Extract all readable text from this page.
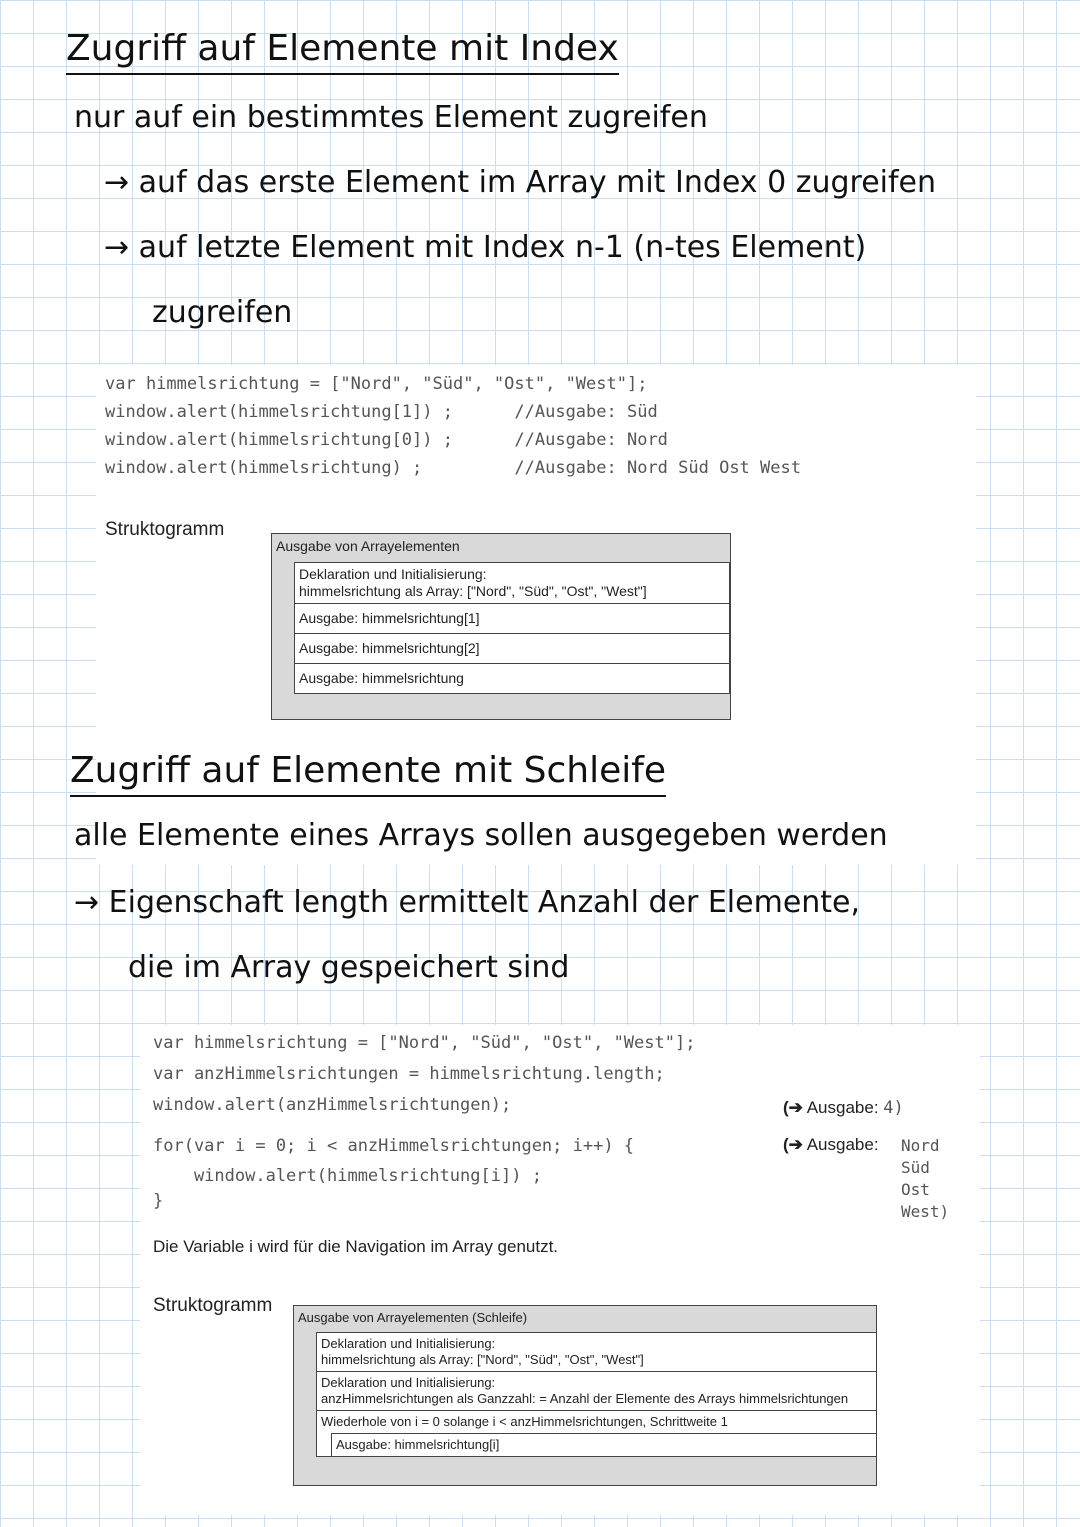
Zugriff auf Elemente mit Index
nur auf ein bestimmtes Element zugreifen
→ auf das erste Element im Array mit Index 0 zugreifen
→ auf letzte Element mit Index n-1 (n-tes Element)
zugreifen
var himmelsrichtung = ["Nord", "Süd", "Ost", "West"];
window.alert(himmelsrichtung[1]) ;      //Ausgabe: Süd
window.alert(himmelsrichtung[0]) ;      //Ausgabe: Nord
window.alert(himmelsrichtung) ;         //Ausgabe: Nord Süd Ost West
Struktogramm
Ausgabe von Arrayelementen
Deklaration und Initialisierung:
himmelsrichtung als Array: ["Nord", "Süd", "Ost", "West"]
Ausgabe: himmelsrichtung[1]
Ausgabe: himmelsrichtung[2]
Ausgabe: himmelsrichtung
Zugriff auf Elemente mit Schleife
alle Elemente eines Arrays sollen ausgegeben werden
→ Eigenschaft length ermittelt Anzahl der Elemente,
die im Array gespeichert sind
var himmelsrichtung = ["Nord", "Süd", "Ost", "West"];
var anzHimmelsrichtungen = himmelsrichtung.length;
window.alert(anzHimmelsrichtungen);
for(var i = 0; i < anzHimmelsrichtungen; i++) {
window.alert(himmelsrichtung[i]) ;
}
(➔ Ausgabe: 4)
(➔ Ausgabe: Nord
Süd
Ost
West)
Die Variable i wird für die Navigation im Array genutzt.
Struktogramm
Ausgabe von Arrayelementen (Schleife)
Deklaration und Initialisierung:
himmelsrichtung als Array: ["Nord", "Süd", "Ost", "West"]
Deklaration und Initialisierung:
anzHimmelsrichtungen als Ganzzahl: = Anzahl der Elemente des Arrays himmelsrichtungen
Wiederhole von i = 0 solange i < anzHimmelsrichtungen, Schrittweite 1
Ausgabe: himmelsrichtung[i]
